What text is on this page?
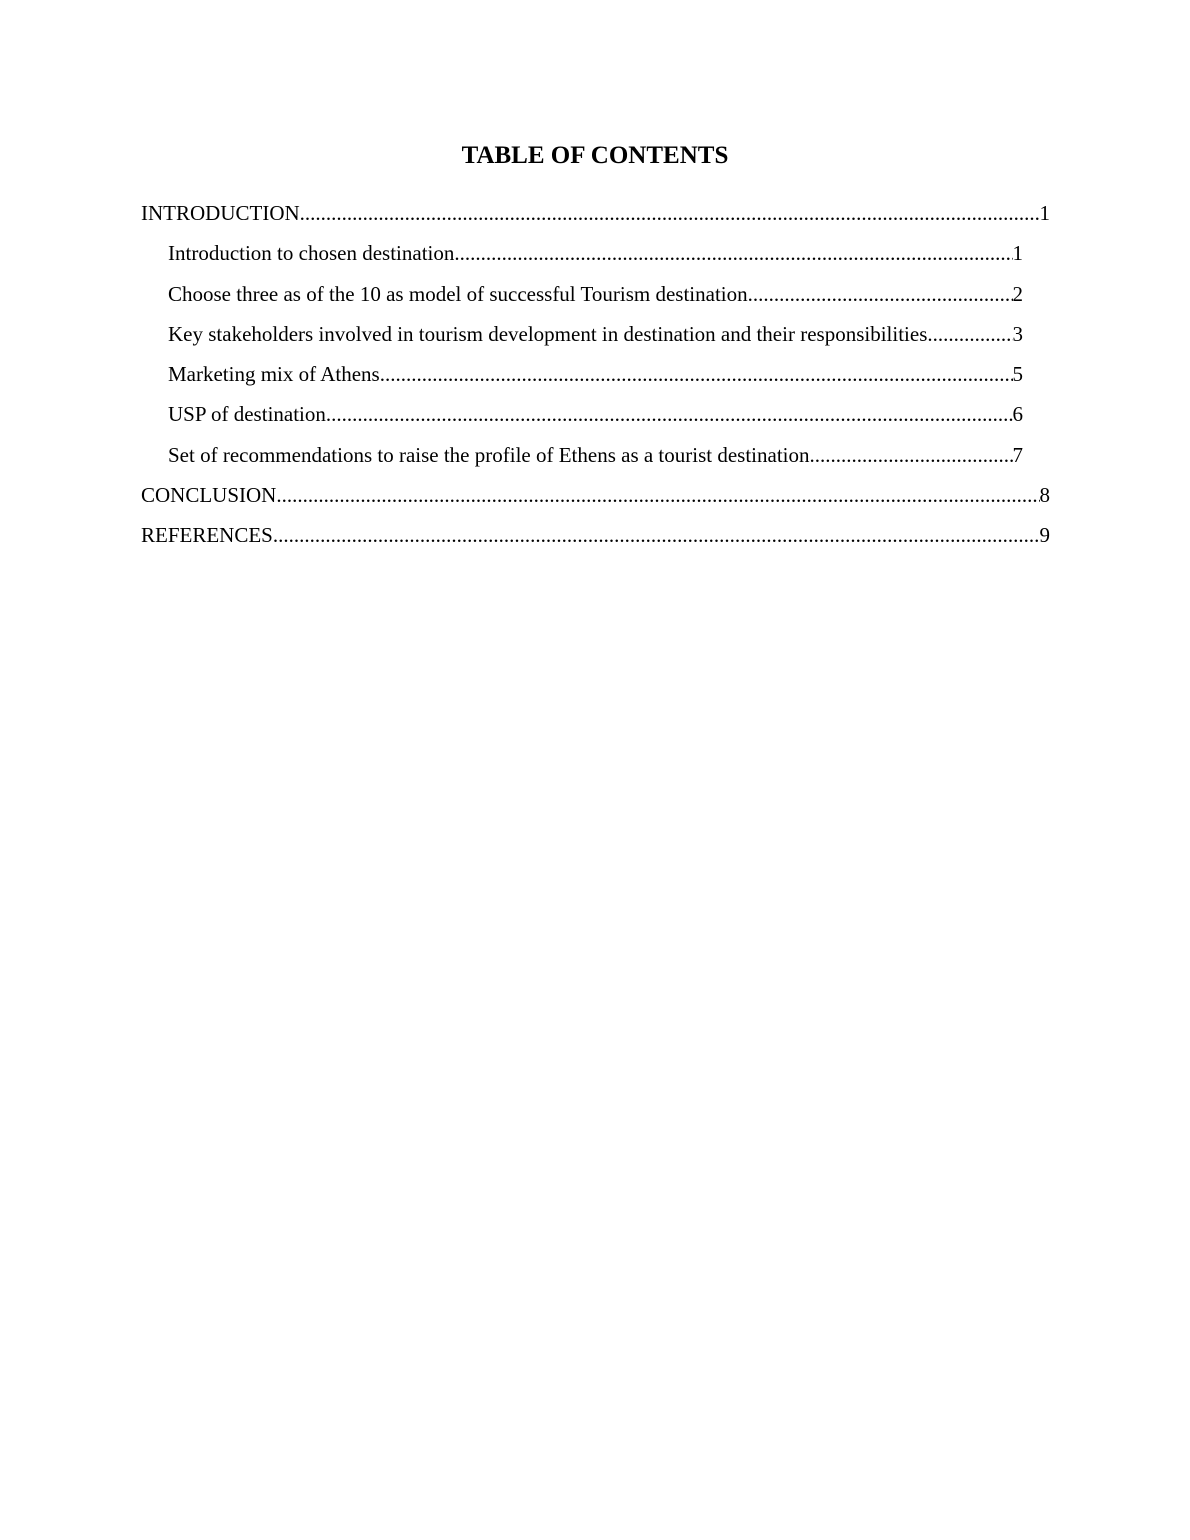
TABLE OF CONTENTS
INTRODUCTION .....	1
Introduction to chosen destination .....	1
Choose three as of the 10 as model of successful Tourism destination .....	2
Key stakeholders involved in tourism development in destination and their responsibilities .....	3
Marketing mix of Athens .....	5
USP of destination .....	6
Set of recommendations to raise the profile of Ethens as a tourist destination .....	7
CONCLUSION .....	8
REFERENCES .....	9
